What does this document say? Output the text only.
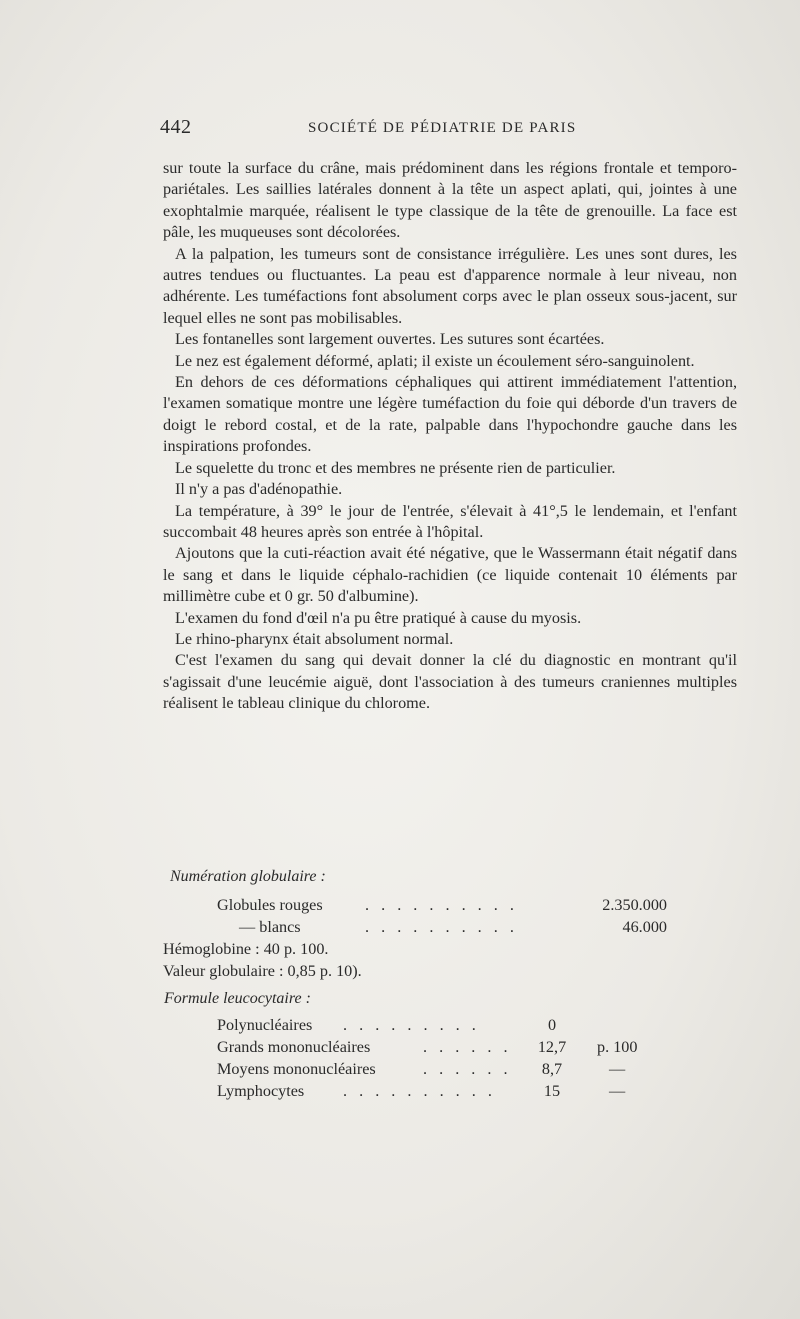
442	SOCIÉTÉ DE PÉDIATRIE DE PARIS

sur toute la surface du crâne, mais prédominent dans les régions frontale et temporo-pariétales. Les saillies latérales donnent à la tête un aspect aplati, qui, jointes à une exophtalmie marquée, réalisent le type classique de la tête de grenouille. La face est pâle, les muqueuses sont décolorées.

A la palpation, les tumeurs sont de consistance irrégulière. Les unes sont dures, les autres tendues ou fluctuantes. La peau est d'apparence normale à leur niveau, non adhérente. Les tuméfactions font absolument corps avec le plan osseux sous-jacent, sur lequel elles ne sont pas mobilisables.

Les fontanelles sont largement ouvertes. Les sutures sont écartées.

Le nez est également déformé, aplati; il existe un écoulement séro-sanguinolent.

En dehors de ces déformations céphaliques qui attirent immédiatement l'attention, l'examen somatique montre une légère tuméfaction du foie qui déborde d'un travers de doigt le rebord costal, et de la rate, palpable dans l'hypochondre gauche dans les inspirations profondes.

Le squelette du tronc et des membres ne présente rien de particulier.

Il n'y a pas d'adénopathie.

La température, à 39° le jour de l'entrée, s'élevait à 41°,5 le lendemain, et l'enfant succombait 48 heures après son entrée à l'hôpital.

Ajoutons que la cuti-réaction avait été négative, que le Wassermann était négatif dans le sang et dans le liquide céphalo-rachidien (ce liquide contenait 10 éléments par millimètre cube et 0 gr. 50 d'albumine).

L'examen du fond d'œil n'a pu être pratiqué à cause du myosis.

Le rhino-pharynx était absolument normal.

C'est l'examen du sang qui devait donner la clé du diagnostic en montrant qu'il s'agissait d'une leucémie aiguë, dont l'association à des tumeurs craniennes multiples réalisent le tableau clinique du chlorome.

Numération globulaire :
Globules rouges	. . . . . . . . . .	2.350.000
— blancs	. . . . . . . . . .	46.000
Hémoglobine : 40 p. 100.
Valeur globulaire : 0,85 p. 10).
Formule leucocytaire :
Polynucléaires . . . . . . . . .	0
Grands mononucléaires	. . . . . .	12,7	p. 100
Moyens mononucléaires	. . . . . .	8,7	—
Lymphocytes . . . . . . . . . .	15	—
